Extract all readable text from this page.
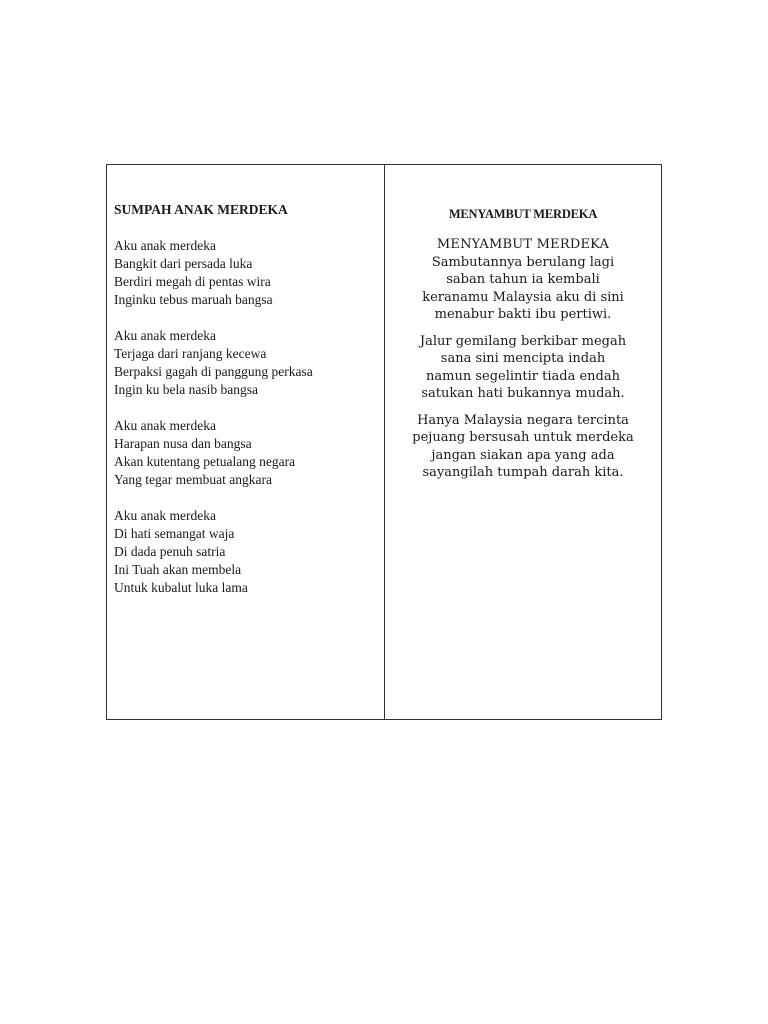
SUMPAH ANAK MERDEKA
Aku anak merdeka
Bangkit dari persada luka
Berdiri megah di pentas wira
Inginku tebus maruah bangsa
Aku anak merdeka
Terjaga dari ranjang kecewa
Berpaksi gagah di panggung perkasa
Ingin ku bela nasib bangsa
Aku anak merdeka
Harapan nusa dan bangsa
Akan kutentang petualang negara
Yang tegar membuat angkara
Aku anak merdeka
Di hati semangat waja
Di dada penuh satria
Ini Tuah akan membela
Untuk kubalut luka lama
MENYAMBUT MERDEKA
MENYAMBUT MERDEKA
Sambutannya berulang lagi
saban tahun ia kembali
keranamu Malaysia aku di sini
menabur bakti ibu pertiwi.
Jalur gemilang berkibar megah
sana sini mencipta indah
namun segelintir tiada endah
satukan hati bukannya mudah.
Hanya Malaysia negara tercinta
pejuang bersusah untuk merdeka
jangan siakan apa yang ada
sayangilah tumpah darah kita.
